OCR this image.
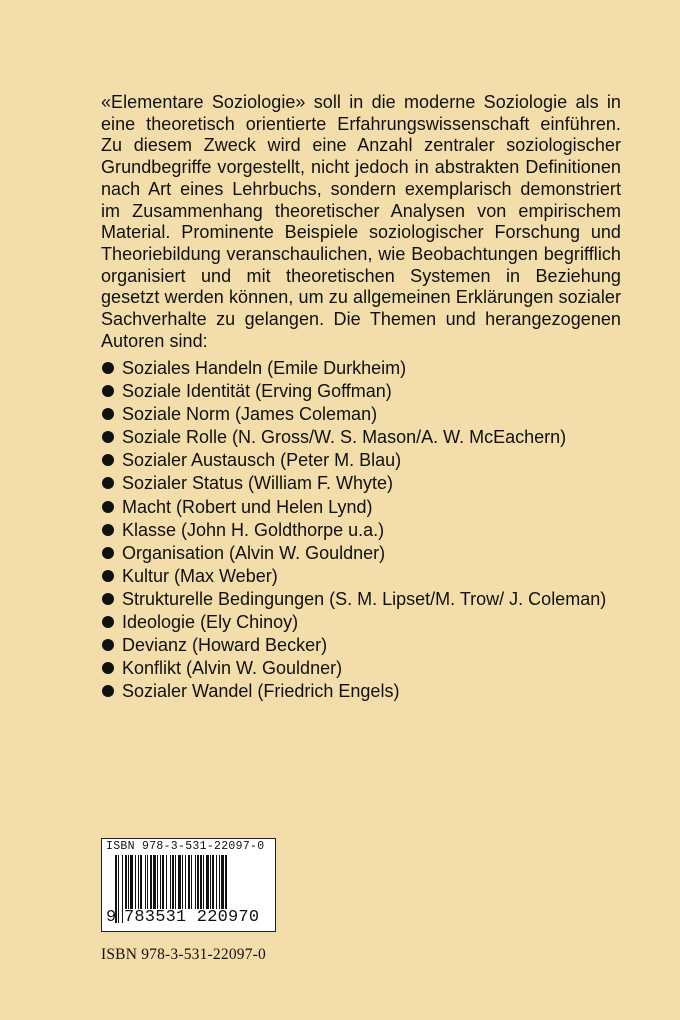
«Elementare Soziologie» soll in die moderne Soziologie als in eine theoretisch orientierte Erfahrungswissenschaft einführen. Zu diesem Zweck wird eine Anzahl zentraler soziologischer Grundbegriffe vorgestellt, nicht jedoch in abstrakten Definitionen nach Art eines Lehrbuchs, sondern exemplarisch demonstriert im Zusammenhang theoretischer Analysen von empirischem Material. Prominente Beispiele soziologischer Forschung und Theoriebildung veranschaulichen, wie Beobachtungen begrifflich organisiert und mit theoretischen Systemen in Beziehung gesetzt werden können, um zu allgemeinen Erklärungen sozialer Sachverhalte zu gelangen. Die Themen und herangezogenen Autoren sind:

Soziales Handeln (Emile Durkheim)
Soziale Identität (Erving Goffman)
Soziale Norm (James Coleman)
Soziale Rolle (N. Gross/W. S. Mason/A. W. McEachern)
Sozialer Austausch (Peter M. Blau)
Sozialer Status (William F. Whyte)
Macht (Robert und Helen Lynd)
Klasse (John H. Goldthorpe u.a.)
Organisation (Alvin W. Gouldner)
Kultur (Max Weber)
Strukturelle Bedingungen (S. M. Lipset/M. Trow/ J. Coleman)
Ideologie (Ely Chinoy)
Devianz (Howard Becker)
Konflikt (Alvin W. Gouldner)
Sozialer Wandel (Friedrich Engels)
ISBN 978-3-531-22097-0
9 783531 220970
ISBN 978-3-531-22097-0
